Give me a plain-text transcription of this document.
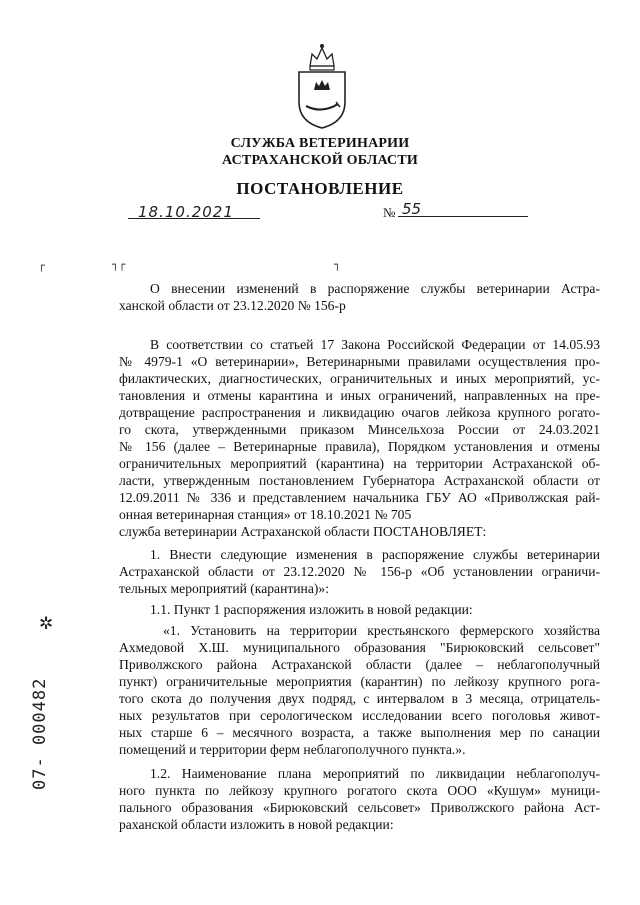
СЛУЖБА ВЕТЕРИНАРИИ
АСТРАХАНСКОЙ ОБЛАСТИ
ПОСТАНОВЛЕНИЕ
18.10.2021	№ 55
┌	┐┌	┐
✲
07- 000482
О внесении изменений в распоряжение службы ветеринарии Астра-
ханской области от 23.12.2020 № 156-р
В соответствии со статьей 17 Закона Российской Федерации от 14.05.93
№ 4979-1 «О ветеринарии», Ветеринарными правилами осуществления про-
филактических, диагностических, ограничительных и иных мероприятий, ус-
тановления и отмены карантина и иных ограничений, направленных на пре-
дотвращение распространения и ликвидацию очагов лейкоза крупного рогато-
го скота, утвержденными приказом Минсельхоза России от 24.03.2021
№ 156 (далее – Ветеринарные правила), Порядком установления и отмены
ограничительных мероприятий (карантина) на территории Астраханской об-
ласти, утвержденным постановлением Губернатора Астраханской области от
12.09.2011 № 336 и представлением начальника ГБУ АО «Приволжская рай-
онная ветеринарная станция» от 18.10.2021 № 705
служба ветеринарии Астраханской области ПОСТАНОВЛЯЕТ:
1. Внести следующие изменения в распоряжение службы ветеринарии
Астраханской области от 23.12.2020 № 156-р «Об установлении ограничи-
тельных мероприятий (карантина)»:
1.1. Пункт 1 распоряжения изложить в новой редакции:
«1. Установить на территории крестьянского фермерского хозяйства
Ахмедовой Х.Ш. муниципального образования "Бирюковский сельсовет"
Приволжского района Астраханской области (далее – неблагополучный
пункт) ограничительные мероприятия (карантин) по лейкозу крупного рога-
того скота до получения двух подряд, с интервалом в 3 месяца, отрицатель-
ных результатов при серологическом исследовании всего поголовья живот-
ных старше 6 – месячного возраста, а также выполнения мер по санации
помещений и территории ферм неблагополучного пункта.».
1.2. Наименование плана мероприятий по ликвидации неблагополуч-
ного пункта по лейкозу крупного рогатого скота ООО «Кушум» муници-
пального образования «Бирюковский сельсовет» Приволжского района Аст-
раханской области изложить в новой редакции:
